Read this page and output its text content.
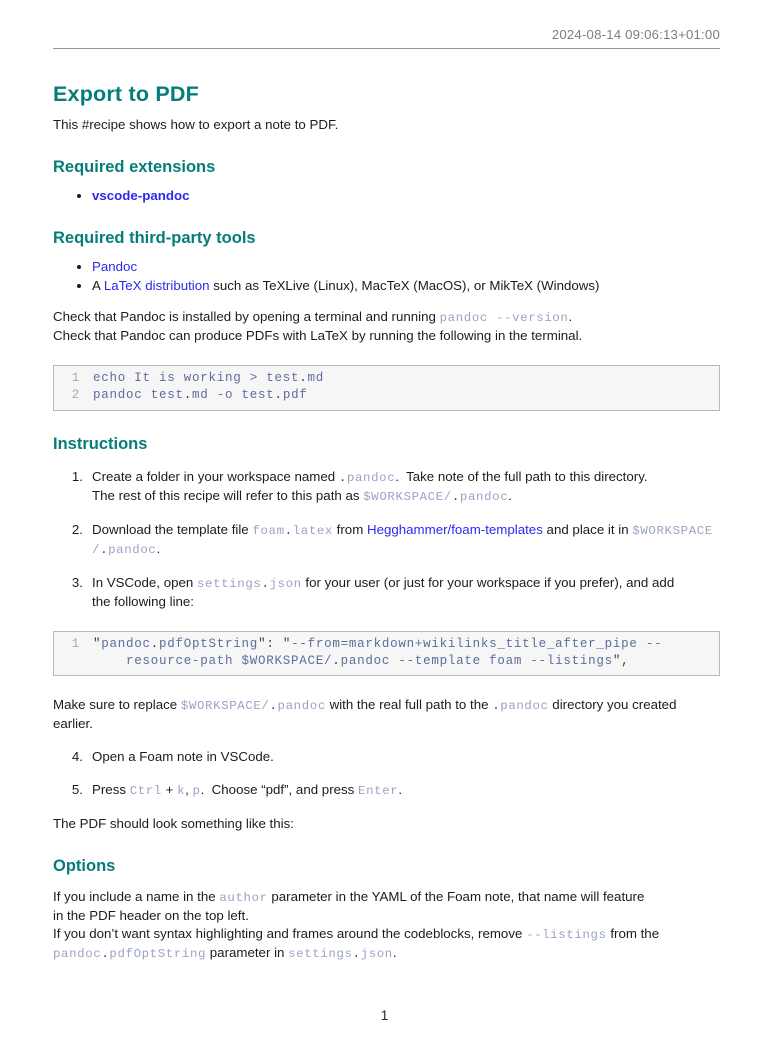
2024-08-14 09:06:13+01:00
Export to PDF

This #recipe shows how to export a note to PDF.

Required extensions
• vscode-pandoc
Required third-party tools
• Pandoc
• A LaTeX distribution such as TeXLive (Linux), MacTeX (MacOS), or MikTeX (Windows)

Check that Pandoc is installed by opening a terminal and running pandoc --version.
Check that Pandoc can produce PDFs with LaTeX by running the following in the terminal.

1 echo It is working > test.md
2 pandoc test.md -o test.pdf
Instructions
1. Create a folder in your workspace named .pandoc.  Take note of the full path to this directory.
The rest of this recipe will refer to this path as $WORKSPACE/.pandoc.
2. Download the template file foam.latex from Hegghammer/foam-templates and place it in $WORKSPACE
/.pandoc.
3. In VSCode, open settings.json for your user (or just for your workspace if you prefer), and add
the following line:
1 "pandoc.pdfOptString": "--from=markdown+wikilinks_title_after_pipe --
resource-path $WORKSPACE/.pandoc --template foam --listings",

Make sure to replace $WORKSPACE/.pandoc with the real full path to the .pandoc directory you created
earlier.

4. Open a Foam note in VSCode.
5. Press Ctrl + k, p.  Choose “pdf”, and press Enter.

The PDF should look something like this:

Options

If you include a name in the author parameter in the YAML of the Foam note, that name will feature
in the PDF header on the top left.
If you don’t want syntax highlighting and frames around the codeblocks, remove --listings from the
pandoc.pdfOptString parameter in settings.json.

1
